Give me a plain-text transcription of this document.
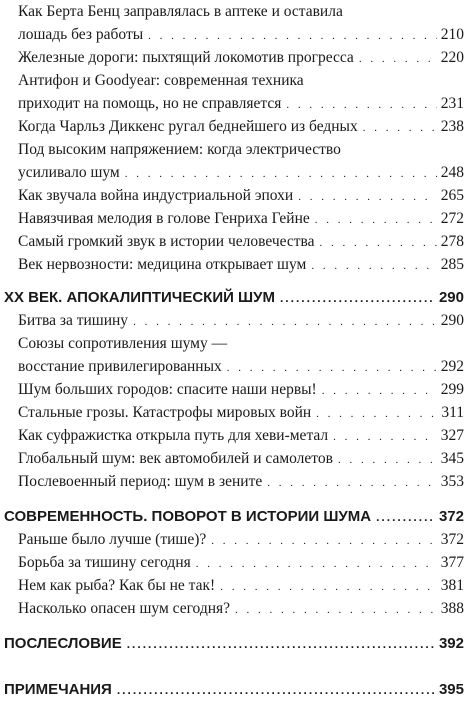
Как Берта Бенц заправлялась в аптеке и оставила
лошадь без работы . . .	210
Железные дороги: пыхтящий локомотив прогресса . . .	220
Антифон и Goodyear: современная техника
приходит на помощь, но не справляется . . .	231
Когда Чарльз Диккенс ругал беднейшего из бедных . . .	238
Под высоким напряжением: когда электричество
усиливало шум . . .	248
Как звучала война индустриальной эпохи . . .	265
Навязчивая мелодия в голове Генриха Гейне . . .	272
Самый громкий звук в истории человечества . . .	278
Век нервозности: медицина открывает шум . . .	285
XX ВЕК. АПОКАЛИПТИЧЕСКИЙ ШУМ .....	290
Битва за тишину . . .	290
Союзы сопротивления шуму —
восстание привилегированных . . .	292
Шум больших городов: спасите наши нервы! . . .	299
Стальные грозы. Катастрофы мировых войн . . .	311
Как суфражистка открыла путь для хеви-метал . . .	327
Глобальный шум: век автомобилей и самолетов . . .	345
Послевоенный период: шум в зените . . .	353
СОВРЕМЕННОСТЬ. ПОВОРОТ В ИСТОРИИ ШУМА .....	372
Раньше было лучше (тише)? . . .	372
Борьба за тишину сегодня . . .	377
Нем как рыба? Как бы не так! . . .	381
Насколько опасен шум сегодня? . . .	388
ПОСЛЕСЛОВИЕ .....	392
ПРИМЕЧАНИЯ .....	395
